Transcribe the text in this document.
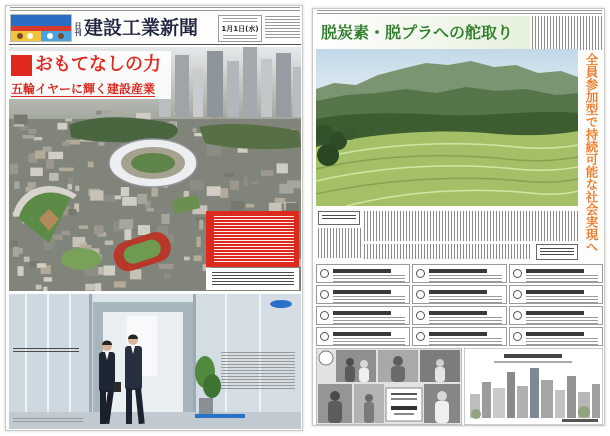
日刊 建設工業新聞	1月1日(水)
おもてなしの力
五輪イヤーに輝く建設産業
脱炭素・脱プラへの舵取り
全員参加型で持続可能な社会実現へ
